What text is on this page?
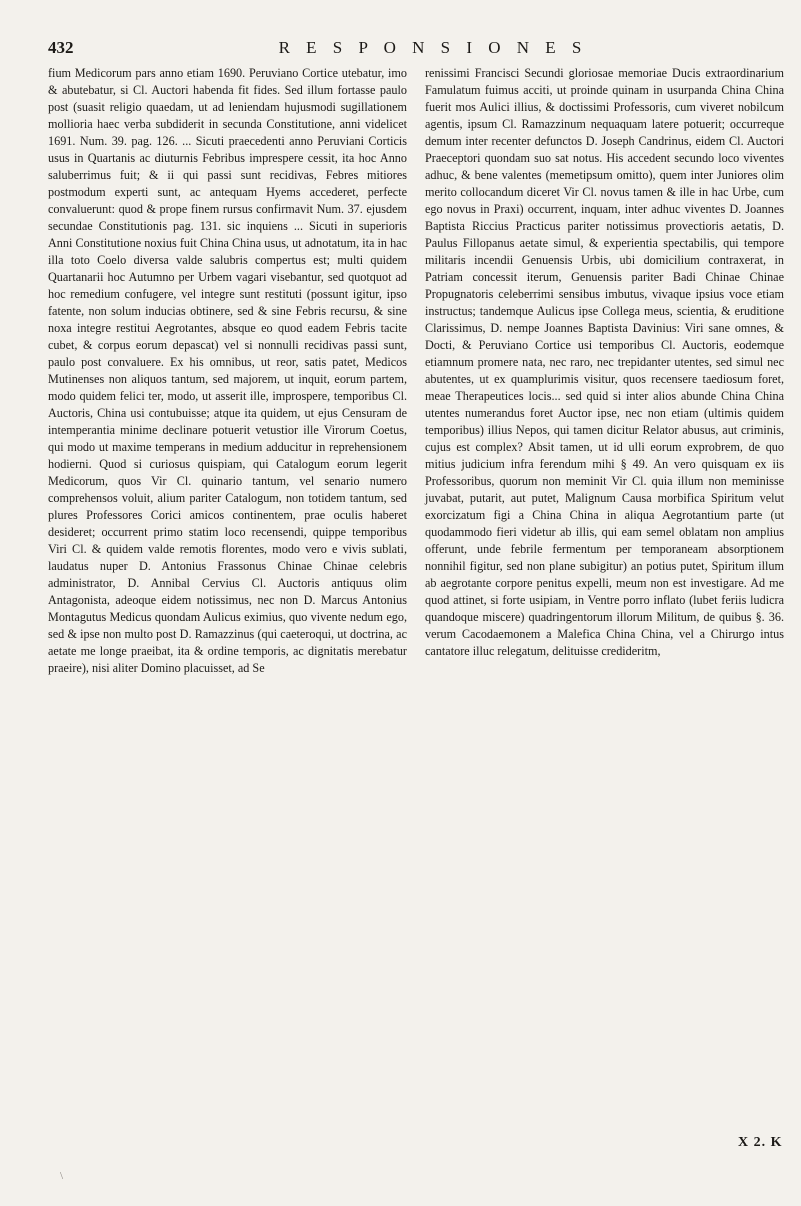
432	R E S P O N S I O N E S

fium Medicorum pars anno etiam 1690. Peruviano Cortice utebatur, imo & abutebatur, si Cl. Auctori habenda fit fides. Sed illum fortasse paulo post (suasit religio quaedam, ut ad leniendam hujusmodi sugillationem mollioria haec verba subdiderit in secunda Constitutione, anni videlicet 1691. Num. 39. pag. 126. ... Sicuti praecedenti anno Peruviani Corticis usus in Quartanis ac diuturnis Febribus imprespere cessit, ita hoc Anno saluberrimus fuit; & ii qui passi sunt recidivas, Febres mitiores postmodum experti sunt, ac antequam Hyems accederet, perfecte convaluerunt: quod & prope finem rursus confirmavit Num. 37. ejusdem secundae Constitutionis pag. 131. sic inquiens ... Sicuti in superioris Anni Constitutione noxius fuit China China usus, ut adnotatum, ita in hac illa toto Coelo diversa valde salubris compertus est; multi quidem Quartanarii hoc Autumno per Urbem vagari visebantur, sed quotquot ad hoc remedium confugere, vel integre sunt restituti (possunt igitur, ipso fatente, non solum inducias obtinere, sed & sine Febris recursu, & sine noxa integre restitui Aegrotantes, absque eo quod eadem Febris tacite cubet, & corpus eorum depascat) vel si nonnulli recidivas passi sunt, paulo post convaluere. Ex his omnibus, ut reor, satis patet, Medicos Mutinenses non aliquos tantum, sed majorem, ut inquit, eorum partem, modo quidem felici ter, modo, ut asserit ille, improspere, temporibus Cl. Auctoris, China usi contubuisse; atque ita quidem, ut ejus Censuram de intemperantia minime declinare potuerit vetustior ille Virorum Coetus, qui modo ut maxime temperans in medium adducitur in reprehensionem hodierni. Quod si curiosus quispiam, qui Catalogum eorum legerit Medicorum, quos Vir Cl. quinario tantum, vel senario numero comprehensos voluit, alium pariter Catalogum, non totidem tantum, sed plures Professores Corici amicos continentem, prae oculis haberet desideret; occurrent primo statim loco recensendi, quippe temporibus Viri Cl. & quidem valde remotis florentes, modo vero e vivis sublati, laudatus nuper D. Antonius Frassonus Chinae Chinae celebris administrator, D. Annibal Cervius Cl. Auctoris antiquus olim Antagonista, adeoque eidem notissimus, nec non D. Marcus Antonius Montagutus Medicus quondam Aulicus eximius, quo vivente nedum ego, sed & ipse non multo post D. Ramazzinus (qui caeteroqui, ut doctrina, ac aetate me longe praeibat, ita & ordine temporis, ac dignitatis merebatur praeire), nisi aliter Domino placuisset, ad Se

renissimi Francisci Secundi gloriosae memoriae Ducis extraordinarium Famulatum fuimus acciti, ut proinde quinam in usurpanda China China fuerit mos Aulici illius, & doctissimi Professoris, cum viveret nobilcum agentis, ipsum Cl. Ramazzinum nequaquam latere potuerit; occurreque demum inter recenter defunctos D. Joseph Candrinus, eidem Cl. Auctori Praeceptori quondam suo sat notus. His accedent secundo loco viventes adhuc, & bene valentes (memetipsum omitto), quem inter Juniores olim merito collocandum diceret Vir Cl. novus tamen & ille in hac Urbe, cum ego novus in Praxi) occurrent, inquam, inter adhuc viventes D. Joannes Baptista Riccius Practicus pariter notissimus provectioris aetatis, D. Paulus Fillopanus aetate simul, & experientia spectabilis, qui tempore militaris incendii Genuensis Urbis, ubi domicilium contraxerat, in Patriam concessit iterum, Genuensis pariter Badi Chinae Chinae Propugnatoris celeberrimi sensibus imbutus, vivaque ipsius voce etiam instructus; tandemque Aulicus ipse Collega meus, scientia, & eruditione Clarissimus, D. nempe Joannes Baptista Davinius: Viri sane omnes, & Docti, & Peruviano Cortice usi temporibus Cl. Auctoris, eodemque etiamnum promere nata, nec raro, nec trepidanter utentes, sed simul nec abutentes, ut ex quamplurimis visitur, quos recensere taediosum foret, meae Therapeutices locis... sed quid si inter alios abunde China China utentes numerandus foret Auctor ipse, nec non etiam (ultimis quidem temporibus) illius Nepos, qui tamen dicitur Relator abusus, aut criminis, cujus est complex? Absit tamen, ut id ulli eorum exprobrem, de quo mitius judicium infra ferendum mihi § 49. An vero quisquam ex iis Professoribus, quorum non meminit Vir Cl. quia illum non meminisse juvabat, putarit, aut putet, Malignum Causa morbifica Spiritum velut exorcizatum figi a China China in aliqua Aegrotantium parte (ut quodammodo fieri videtur ab illis, qui eam semel oblatam non amplius offerunt, unde febrile fermentum per temporaneam absorptionem nonnihil figitur, sed non plane subigitur) an potius putet, Spiritum illum ab aegrotante corpore penitus expelli, meum non est investigare. Ad me quod attinet, si forte usipiam, in Ventre porro inflato (lubet feriis ludicra quandoque miscere) quadringentorum illorum Militum, de quibus §. 36. verum Cacodaemonem a Malefica China China, vel a Chirurgo intus cantatore illuc relegatum, delituisse credideritm,

X 2. K
\
